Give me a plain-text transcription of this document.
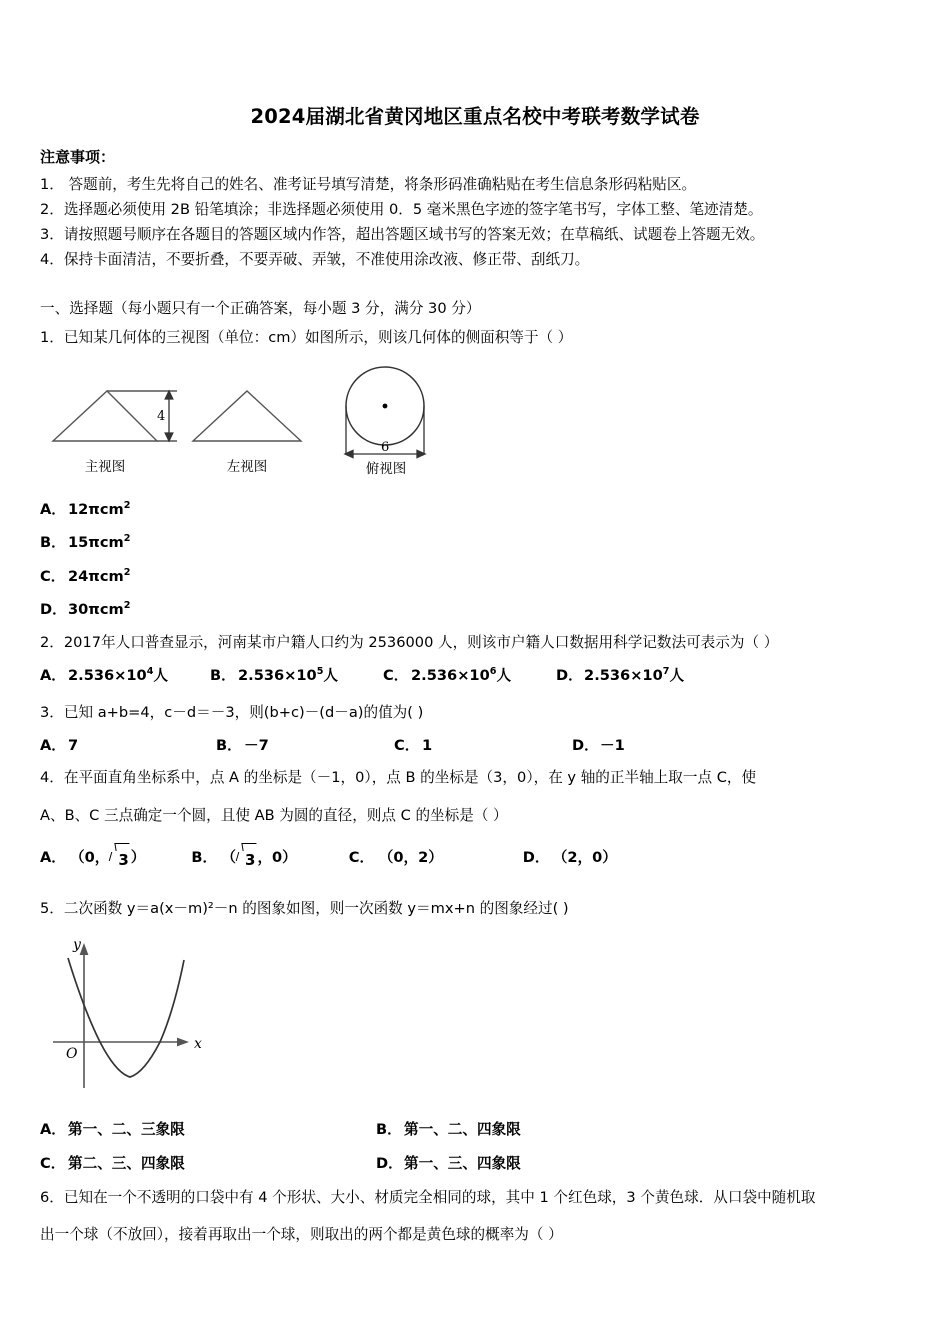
2024届湖北省黄冈地区重点名校中考联考数学试卷
注意事项：
1． 答题前，考生先将自己的姓名、准考证号填写清楚，将条形码准确粘贴在考生信息条形码粘贴区。
2．选择题必须使用 2B 铅笔填涂；非选择题必须使用 0．5 毫米黑色字迹的签字笔书写，字体工整、笔迹清楚。
3．请按照题号顺序在各题目的答题区域内作答，超出答题区域书写的答案无效；在草稿纸、试题卷上答题无效。
4．保持卡面清洁，不要折叠，不要弄破、弄皱，不准使用涂改液、修正带、刮纸刀。
一、选择题（每小题只有一个正确答案，每小题 3 分，满分 30 分）
1．已知某几何体的三视图（单位：cm）如图所示，则该几何体的侧面积等于（ ）
4
6
主视图	左视图	俯视图
A． 12πcm$^2$
B． 15πcm$^2$
C． 24πcm$^2$
D．30πcm$^2$
2．2017年人口普查显示，河南某市户籍人口约为 2536000 人，则该市户籍人口数据用科学记数法可表示为（ ）
A． $2.536\times 10^4$人	B． $2.536\times 10^5$人	C． $2.536\times 10^6$人	D．$2.536\times 10^7$人
3．已知 a+b=4，c－d＝－3，则(b+c)－(d－a)的值为( )
A． 7	B． －7	C． 1	D．－1
4．在平面直角坐标系中，点 A 的坐标是（－1，0），点 B 的坐标是（3，0），在 y 轴的正半轴上取一点 C，使
A、B、C 三点确定一个圆，且使 AB 为圆的直径，则点 C 的坐标是（ ）
A． （0， 3 ）	B． （ 3 ，0）	C． （0，2）	D． （2，0）
5．二次函数 y＝a(x－m)²－n 的图象如图，则一次函数 y＝mx+n 的图象经过( )
y
x
O
A． 第一、二、三象限	B． 第一、二、四象限
C． 第二、三、四象限	D．第一、三、四象限
6．已知在一个不透明的口袋中有 4 个形状、大小、材质完全相同的球，其中 1 个红色球，3 个黄色球．从口袋中随机取
出一个球（不放回），接着再取出一个球，则取出的两个都是黄色球的概率为（ ）
